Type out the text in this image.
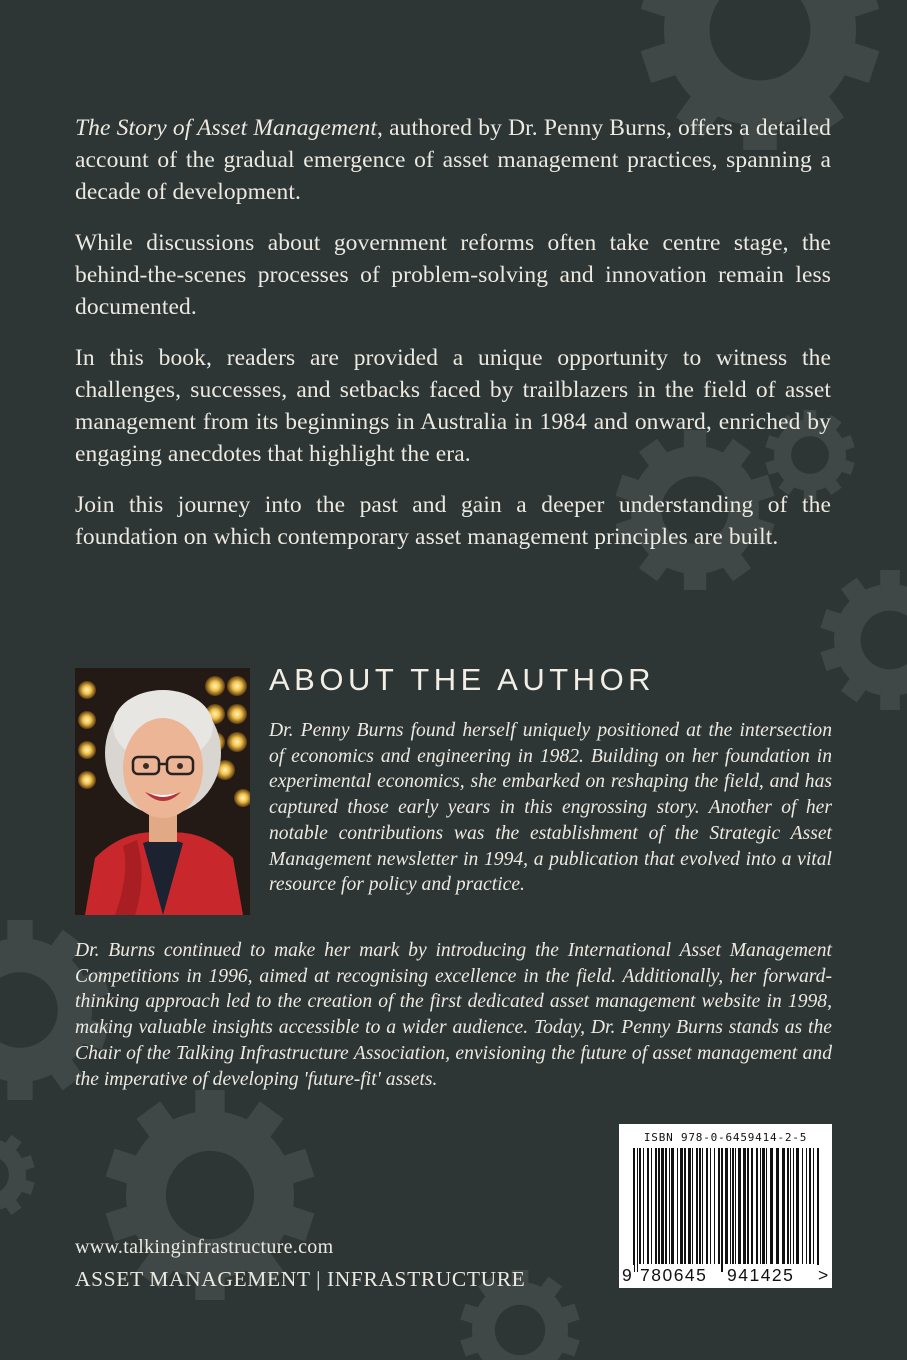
The Story of Asset Management, authored by Dr. Penny Burns, offers a detailed account of the gradual emergence of asset management practices, spanning a decade of development.

While discussions about government reforms often take centre stage, the behind-the-scenes processes of problem-solving and innovation remain less documented.

In this book, readers are provided a unique opportunity to witness the challenges, successes, and setbacks faced by trailblazers in the field of asset management from its beginnings in Australia in 1984 and onward, enriched by engaging anecdotes that highlight the era.

Join this journey into the past and gain a deeper understanding of the foundation on which contemporary asset management principles are built.

ABOUT THE AUTHOR

Dr. Penny Burns found herself uniquely positioned at the intersection of economics and engineering in 1982. Building on her foundation in experimental economics, she embarked on reshaping the field, and has captured those early years in this engrossing story. Another of her notable contributions was the establishment of the Strategic Asset Management newsletter in 1994, a publication that evolved into a vital resource for policy and practice.

Dr. Burns continued to make her mark by introducing the International Asset Management Competitions in 1996, aimed at recognising excellence in the field. Additionally, her forward-thinking approach led to the creation of the first dedicated asset management website in 1998, making valuable insights accessible to a wider audience. Today, Dr. Penny Burns stands as the Chair of the Talking Infrastructure Association, envisioning the future of asset management and the imperative of developing 'future-fit' assets.

ISBN 978-0-6459414-2-5
9 780645 941425 >

www.talkinginfrastructure.com

ASSET MANAGEMENT | INFRASTRUCTURE
